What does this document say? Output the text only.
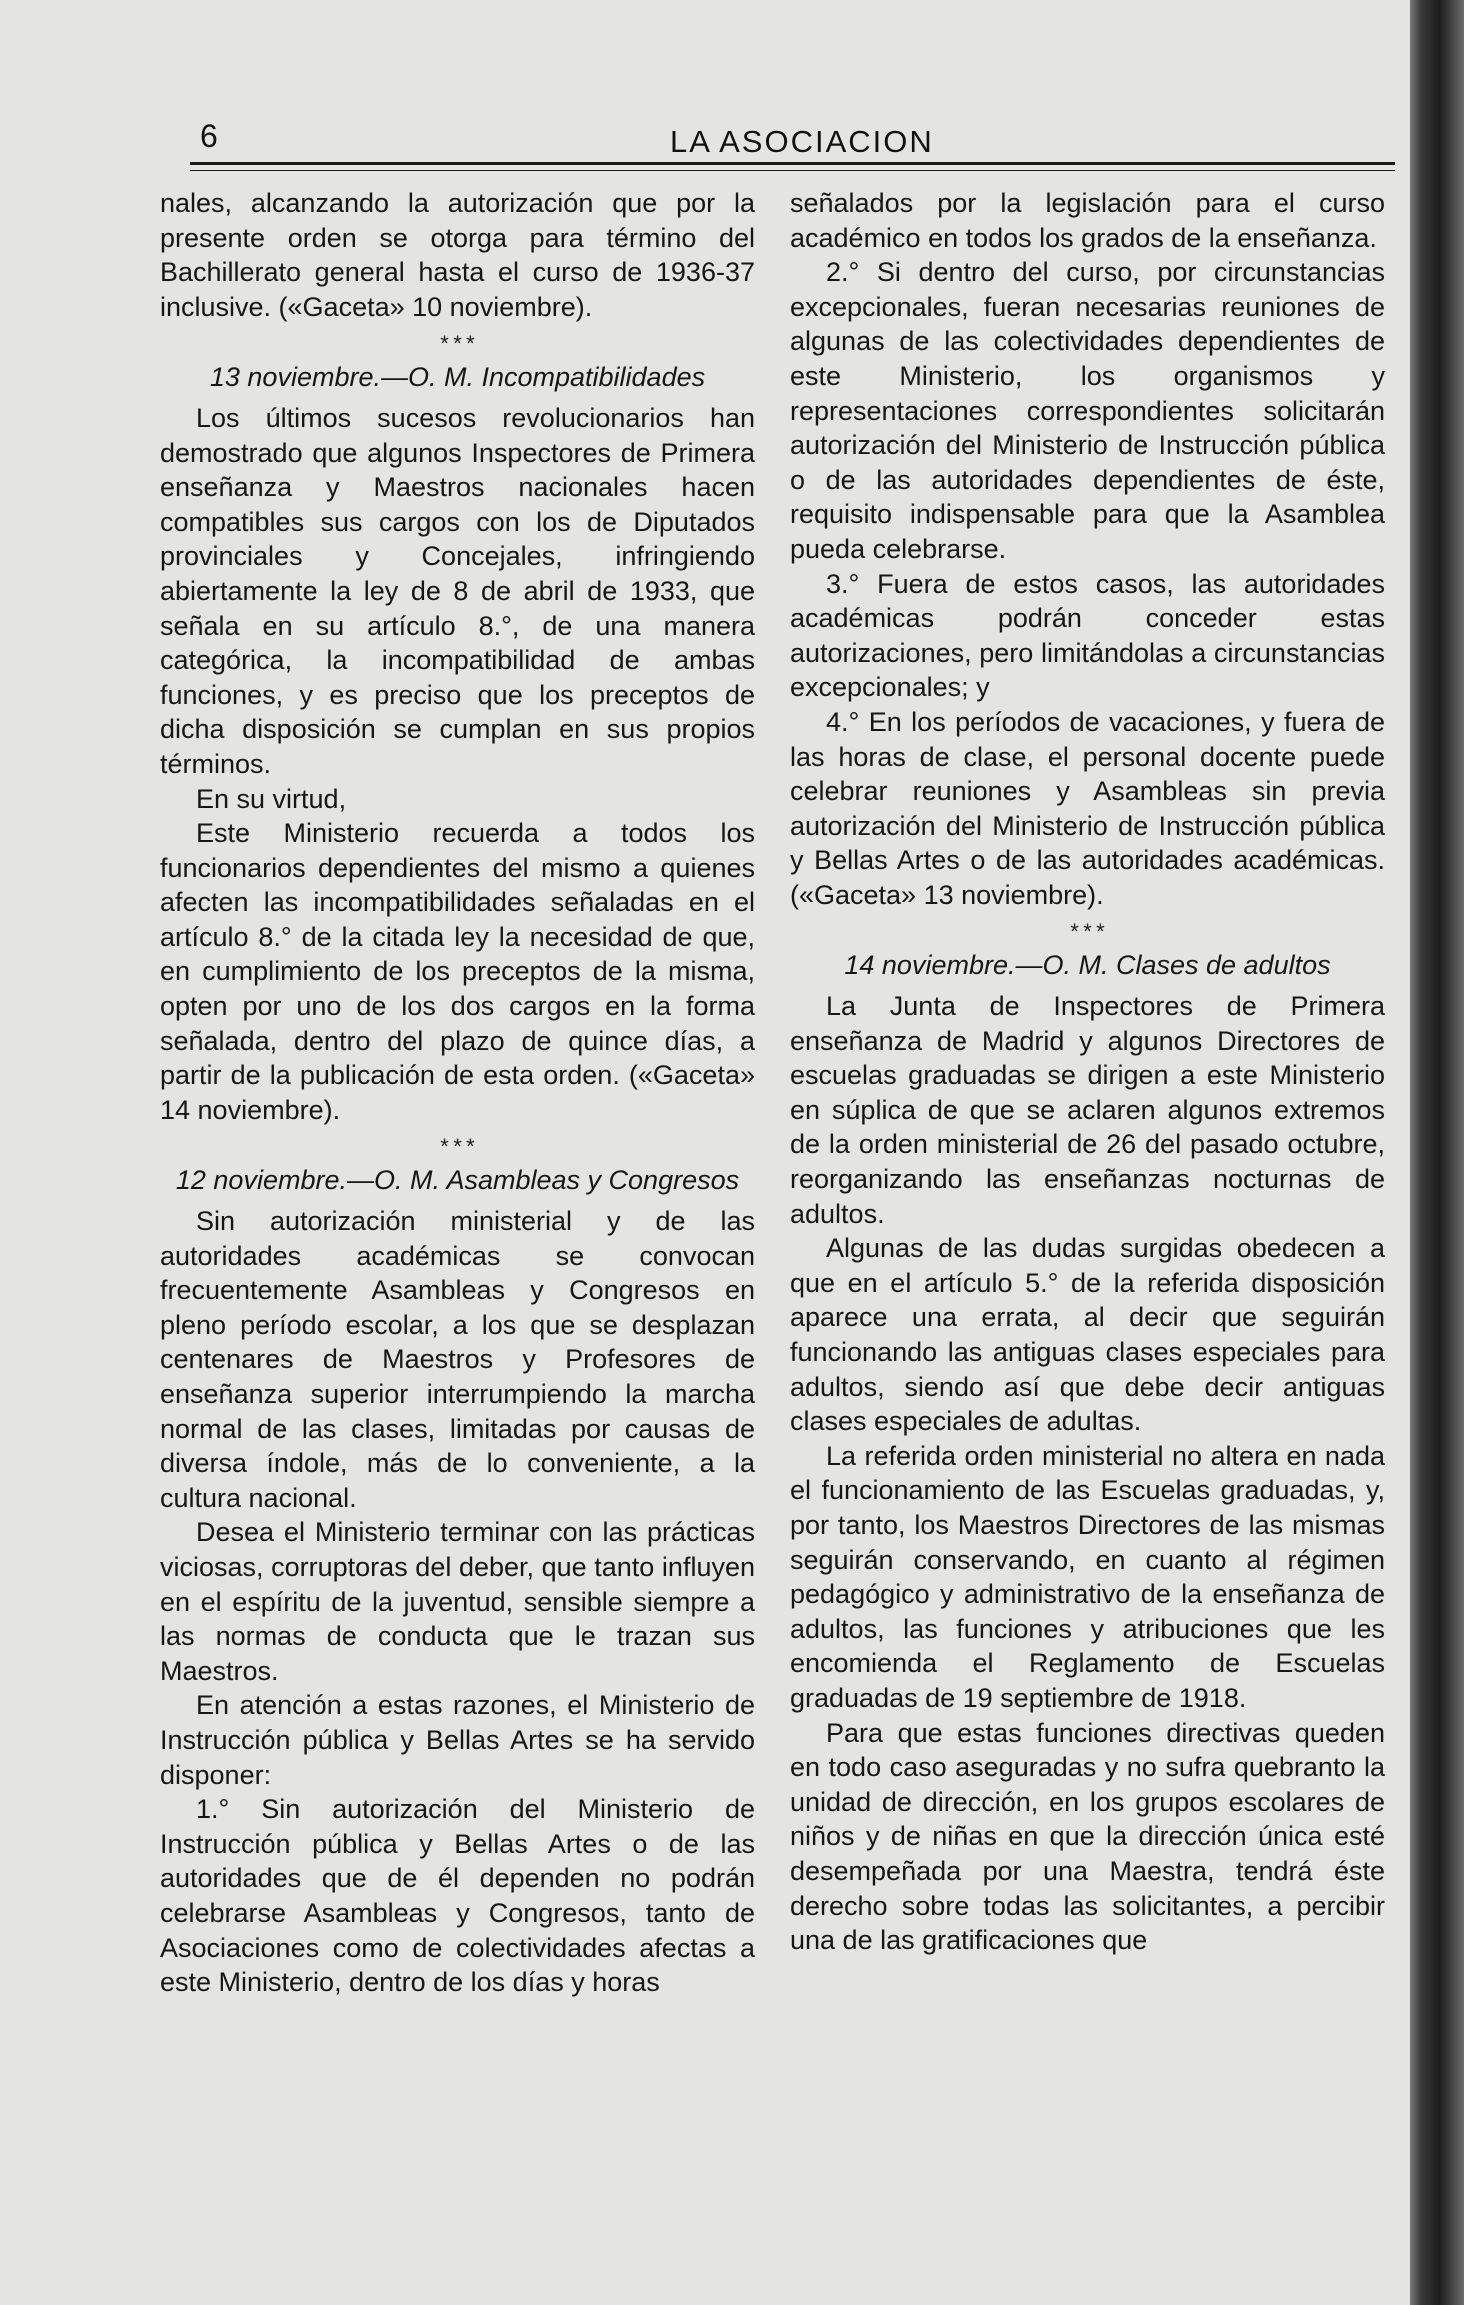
6	LA ASOCIACION

nales, alcanzando la autorización que por la presente orden se otorga para término del Bachillerato general hasta el curso de 1936-37 inclusive. («Gaceta» 10 noviembre).

* * *

13 noviembre.—O. M. Incompatibilidades

Los últimos sucesos revolucionarios han demostrado que algunos Inspectores de Primera enseñanza y Maestros nacionales hacen compatibles sus cargos con los de Diputados provinciales y Concejales, infringiendo abiertamente la ley de 8 de abril de 1933, que señala en su artículo 8.°, de una manera categórica, la incompatibilidad de ambas funciones, y es preciso que los preceptos de dicha disposición se cumplan en sus propios términos.

En su virtud,

Este Ministerio recuerda a todos los funcionarios dependientes del mismo a quienes afecten las incompatibilidades señaladas en el artículo 8.° de la citada ley la necesidad de que, en cumplimiento de los preceptos de la misma, opten por uno de los dos cargos en la forma señalada, dentro del plazo de quince días, a partir de la publicación de esta orden. («Gaceta» 14 noviembre).

* * *

12 noviembre.—O. M. Asambleas y Congresos

Sin autorización ministerial y de las autoridades académicas se convocan frecuentemente Asambleas y Congresos en pleno período escolar, a los que se desplazan centenares de Maestros y Profesores de enseñanza superior interrumpiendo la marcha normal de las clases, limitadas por causas de diversa índole, más de lo conveniente, a la cultura nacional.

Desea el Ministerio terminar con las prácticas viciosas, corruptoras del deber, que tanto influyen en el espíritu de la juventud, sensible siempre a las normas de conducta que le trazan sus Maestros.

En atención a estas razones, el Ministerio de Instrucción pública y Bellas Artes se ha servido disponer:

1.° Sin autorización del Ministerio de Instrucción pública y Bellas Artes o de las autoridades que de él dependen no podrán celebrarse Asambleas y Congresos, tanto de Asociaciones como de colectividades afectas a este Ministerio, dentro de los días y horas

señalados por la legislación para el curso académico en todos los grados de la enseñanza.

2.° Si dentro del curso, por circunstancias excepcionales, fueran necesarias reuniones de algunas de las colectividades dependientes de este Ministerio, los organismos y representaciones correspondientes solicitarán autorización del Ministerio de Instrucción pública o de las autoridades dependientes de éste, requisito indispensable para que la Asamblea pueda celebrarse.

3.° Fuera de estos casos, las autoridades académicas podrán conceder estas autorizaciones, pero limitándolas a circunstancias excepcionales; y

4.° En los períodos de vacaciones, y fuera de las horas de clase, el personal docente puede celebrar reuniones y Asambleas sin previa autorización del Ministerio de Instrucción pública y Bellas Artes o de las autoridades académicas. («Gaceta» 13 noviembre).

* * *

14 noviembre.—O. M. Clases de adultos

La Junta de Inspectores de Primera enseñanza de Madrid y algunos Directores de escuelas graduadas se dirigen a este Ministerio en súplica de que se aclaren algunos extremos de la orden ministerial de 26 del pasado octubre, reorganizando las enseñanzas nocturnas de adultos.

Algunas de las dudas surgidas obedecen a que en el artículo 5.° de la referida disposición aparece una errata, al decir que seguirán funcionando las antiguas clases especiales para adultos, siendo así que debe decir antiguas clases especiales de adultas.

La referida orden ministerial no altera en nada el funcionamiento de las Escuelas graduadas, y, por tanto, los Maestros Directores de las mismas seguirán conservando, en cuanto al régimen pedagógico y administrativo de la enseñanza de adultos, las funciones y atribuciones que les encomienda el Reglamento de Escuelas graduadas de 19 septiembre de 1918.

Para que estas funciones directivas queden en todo caso aseguradas y no sufra quebranto la unidad de dirección, en los grupos escolares de niños y de niñas en que la dirección única esté desempeñada por una Maestra, tendrá éste derecho sobre todas las solicitantes, a percibir una de las gratificaciones que
